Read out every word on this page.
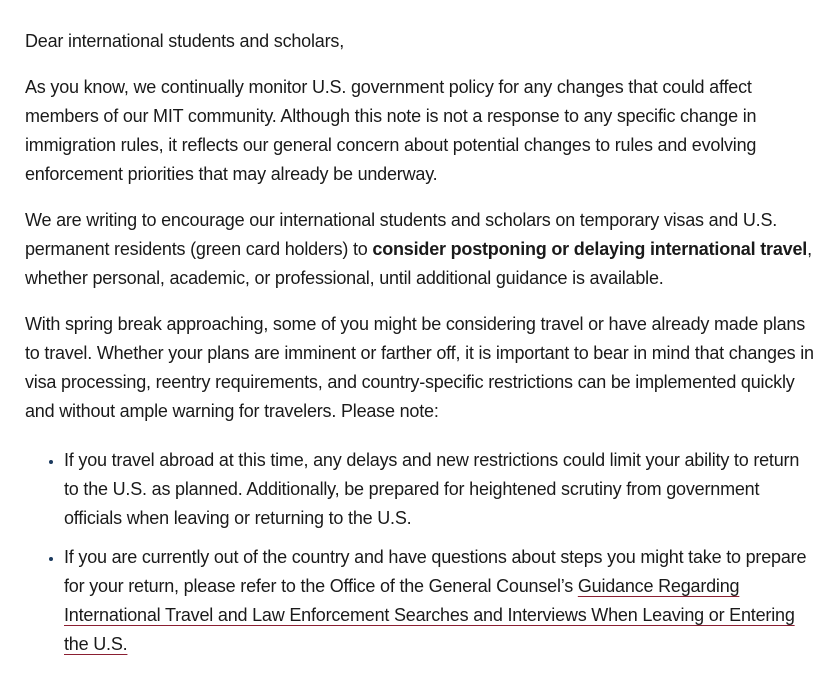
Dear international students and scholars,

As you know, we continually monitor U.S. government policy for any changes that could affect members of our MIT community. Although this note is not a response to any specific change in immigration rules, it reflects our general concern about potential changes to rules and evolving enforcement priorities that may already be underway.

We are writing to encourage our international students and scholars on temporary visas and U.S. permanent residents (green card holders) to consider postponing or delaying international travel, whether personal, academic, or professional, until additional guidance is available.

With spring break approaching, some of you might be considering travel or have already made plans to travel. Whether your plans are imminent or farther off, it is important to bear in mind that changes in visa processing, reentry requirements, and country-specific restrictions can be implemented quickly and without ample warning for travelers. Please note:

• If you travel abroad at this time, any delays and new restrictions could limit your ability to return to the U.S. as planned. Additionally, be prepared for heightened scrutiny from government officials when leaving or returning to the U.S.
• If you are currently out of the country and have questions about steps you might take to prepare for your return, please refer to the Office of the General Counsel’s Guidance Regarding International Travel and Law Enforcement Searches and Interviews When Leaving or Entering the U.S.
